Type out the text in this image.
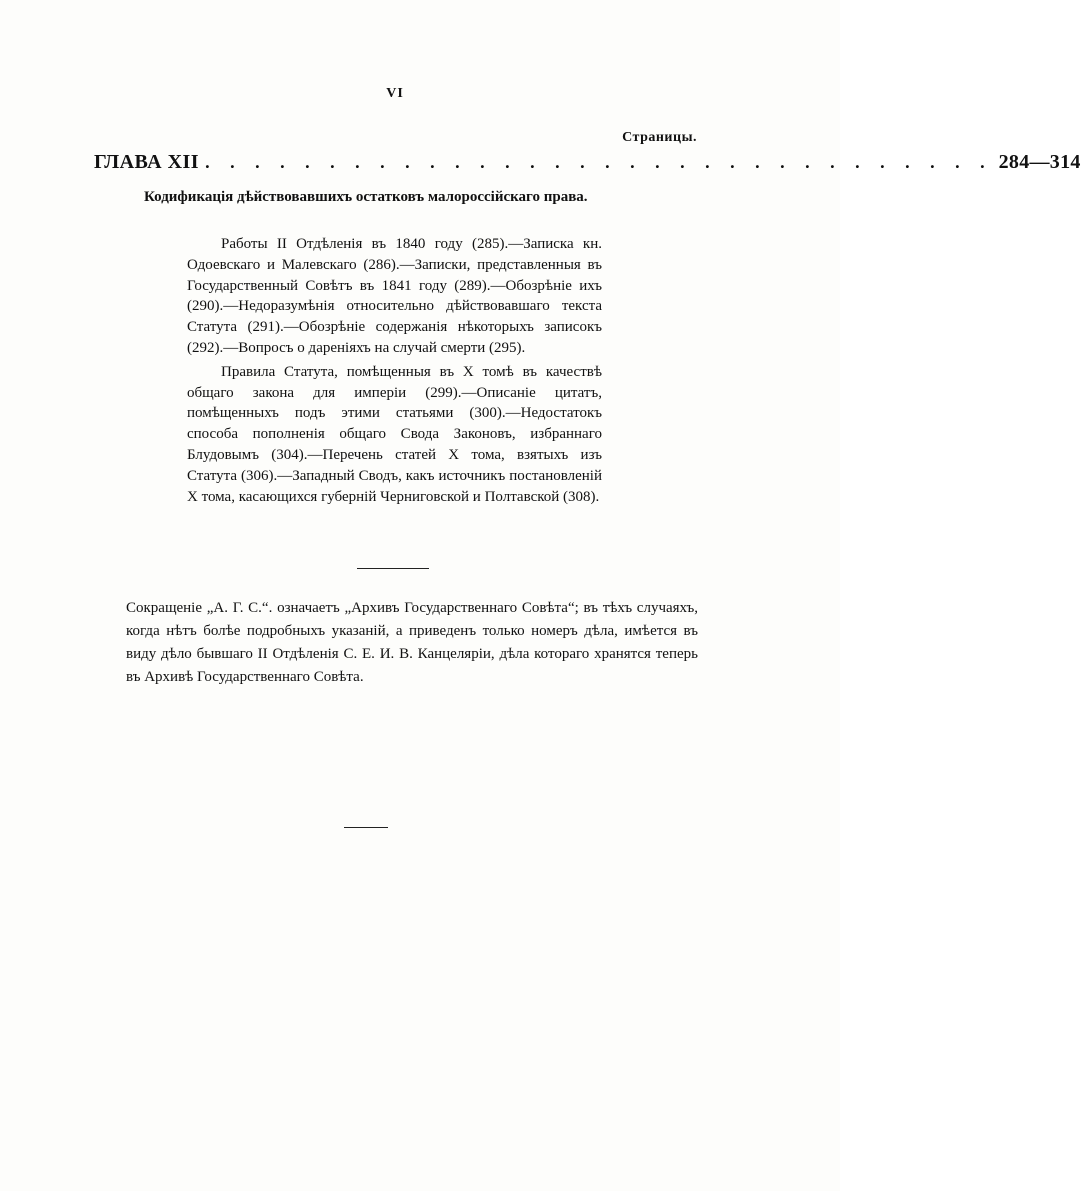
VI
Страницы.
ГЛАВА XII . . . . . . . . . . . . . . . . . . . . . . . . . . . . . . . . 284—314
Кодификація дѣйствовавшихъ остатковъ малороссійскаго права.

Работы II Отдѣленія въ 1840 году (285).—Записка кн. Одоевскаго и Малевскаго (286).—Записки, представленныя въ Государственный Совѣтъ въ 1841 году (289).—Обозрѣніе ихъ (290).—Недоразумѣнія относительно дѣйствовавшаго текста Статута (291).—Обозрѣніе содержанія нѣкоторыхъ записокъ (292).—Вопросъ о дареніяхъ на случай смерти (295).

Правила Статута, помѣщенныя въ X томѣ въ качествѣ общаго закона для имперіи (299).—Описаніе цитатъ, помѣщенныхъ подъ этими статьями (300).—Недостатокъ способа пополненія общаго Свода Законовъ, избраннаго Блудовымъ (304).—Перечень статей X тома, взятыхъ изъ Статута (306).—Западный Сводъ, какъ источникъ постановленій X тома, касающихся губерній Черниговской и Полтавской (308).

Сокращеніе „А. Г. С.“. означаетъ „Архивъ Государственнаго Совѣта“; въ тѣхъ случаяхъ, когда нѣтъ болѣе подробныхъ указаній, а приведенъ только номеръ дѣла, имѣется въ виду дѣло бывшаго II Отдѣленія С. Е. И. В. Канцеляріи, дѣла котораго хранятся теперь въ Архивѣ Государственнаго Совѣта.
